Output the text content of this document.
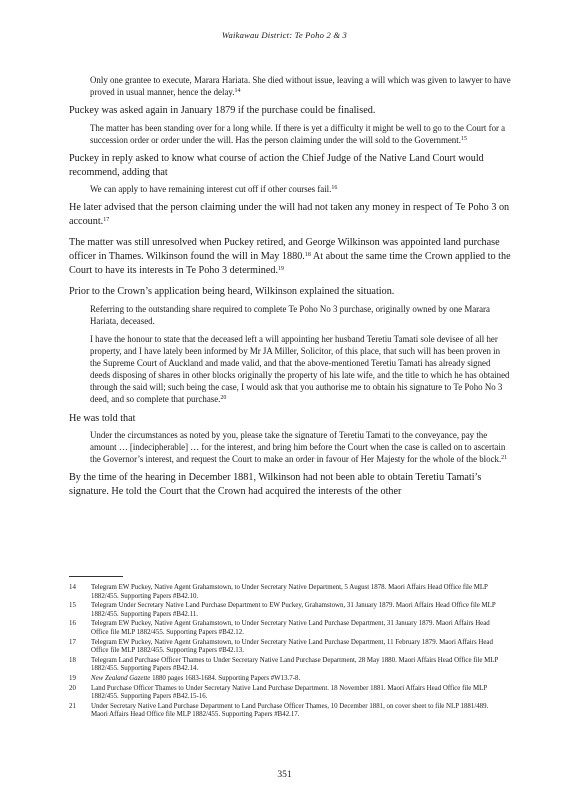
Waikawau District: Te Poho 2 & 3

Only one grantee to execute, Marara Hariata. She died without issue, leaving a will which was given to lawyer to have proved in usual manner, hence the delay.$^{14}$

Puckey was asked again in January 1879 if the purchase could be finalised.

The matter has been standing over for a long while. If there is yet a difficulty it might be well to go to the Court for a succession order or order under the will. Has the person claiming under the will sold to the Government.$^{15}$

Puckey in reply asked to know what course of action the Chief Judge of the Native Land Court would recommend, adding that

We can apply to have remaining interest cut off if other courses fail.$^{16}$

He later advised that the person claiming under the will had not taken any money in respect of Te Poho 3 on account.$^{17}$

The matter was still unresolved when Puckey retired, and George Wilkinson was appointed land purchase officer in Thames. Wilkinson found the will in May 1880.18 At about the same time the Crown applied to the Court to have its interests in Te Poho 3 determined.$^{19}$

Prior to the Crown’s application being heard, Wilkinson explained the situation.

Referring to the outstanding share required to complete Te Poho No 3 purchase, originally owned by one Marara Hariata, deceased.

I have the honour to state that the deceased left a will appointing her husband Teretiu Tamati sole devisee of all her property, and I have lately been informed by Mr JA Miller, Solicitor, of this place, that such will has been proven in the Supreme Court of Auckland and made valid, and that the above-mentioned Teretiu Tamati has already signed deeds disposing of shares in other blocks originally the property of his late wife, and the title to which he has obtained through the said will; such being the case, I would ask that you authorise me to obtain his signature to Te Poho No 3 deed, and so complete that purchase.$^{20}$

He was told that

Under the circumstances as noted by you, please take the signature of Teretiu Tamati to the conveyance, pay the amount … [indecipherable] … for the interest, and bring him before the Court when the case is called on to ascertain the Governor’s interest, and request the Court to make an order in favour of Her Majesty for the whole of the block.$^{21}$

By the time of the hearing in December 1881, Wilkinson had not been able to obtain Teretiu Tamati’s signature. He told the Court that the Crown had acquired the interests of the other

14 Telegram EW Puckey, Native Agent Grahamstown, to Under Secretary Native Department, 5 August 1878. Maori Affairs Head Office file MLP 1882/455. Supporting Papers #B42.10.
15 Telegram Under Secretary Native Land Purchase Department to EW Puckey, Grahamstown, 31 January 1879. Maori Affairs Head Office file MLP 1882/455. Supporting Papers #B42.11.
16 Telegram EW Puckey, Native Agent Grahamstown, to Under Secretary Native Land Purchase Department, 31 January 1879. Maori Affairs Head Office file MLP 1882/455. Supporting Papers #B42.12.
17 Telegram EW Puckey, Native Agent Grahamstown, to Under Secretary Native Land Purchase Department, 11 February 1879. Maori Affairs Head Office file MLP 1882/455. Supporting Papers #B42.13.
18 Telegram Land Purchase Officer Thames to Under Secretary Native Land Purchase Department, 28 May 1880. Maori Affairs Head Office file MLP 1882/455. Supporting Papers #B42.14.
19 New Zealand Gazette 1880 pages 1683-1684. Supporting Papers #W13.7-8.
20 Land Purchase Officer Thames to Under Secretary Native Land Purchase Department. 18 November 1881. Maori Affairs Head Office file MLP 1882/455. Supporting Papers #B42.15-16.
21 Under Secretary Native Land Purchase Department to Land Purchase Officer Thames, 10 December 1881, on cover sheet to file NLP 1881/489. Maori Affairs Head Office file MLP 1882/455. Supporting Papers #B42.17.
351
